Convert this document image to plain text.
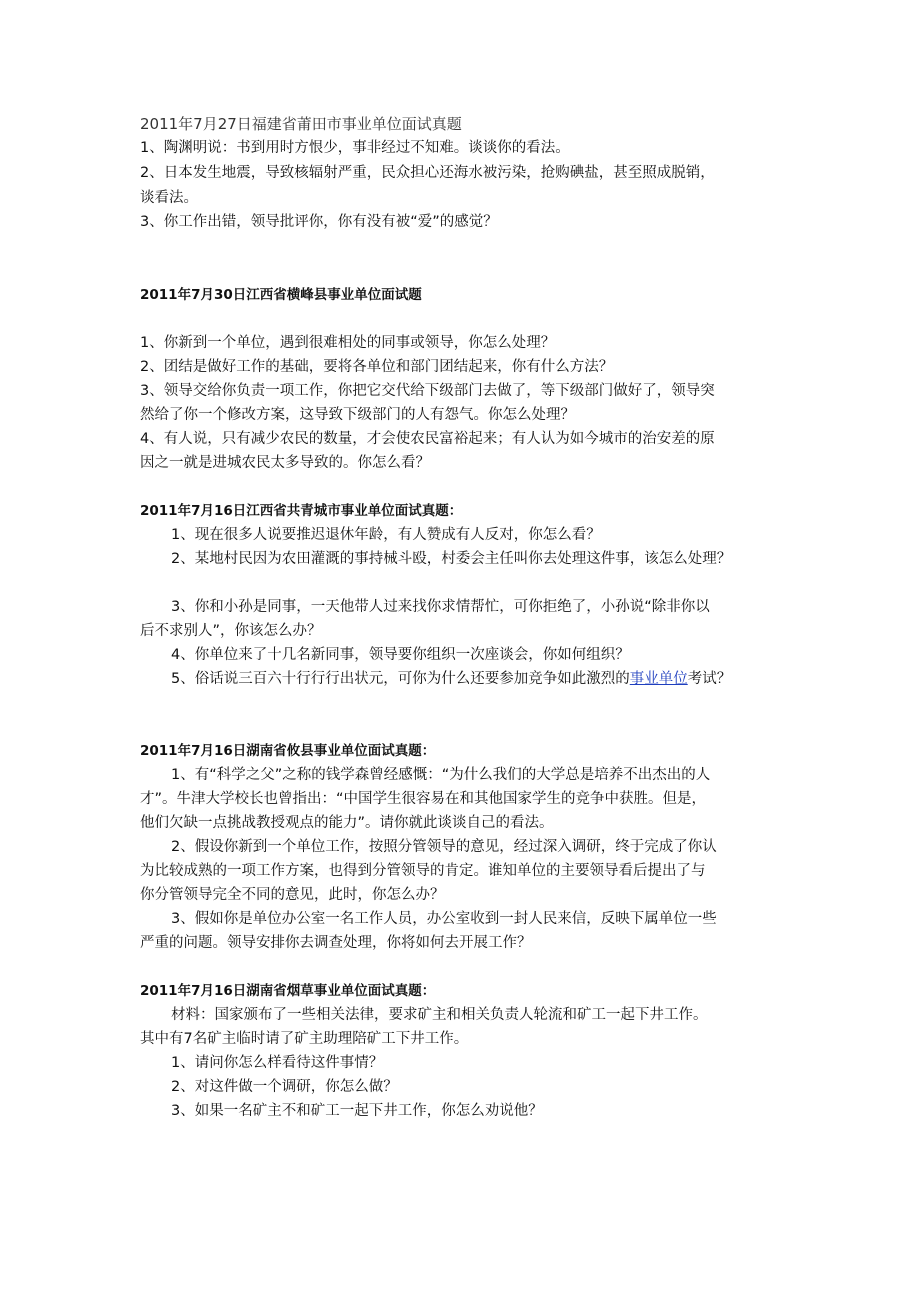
2011年7月27日福建省莆田市事业单位面试真题
1、陶渊明说：书到用时方恨少，事非经过不知难。谈谈你的看法。
2、日本发生地震，导致核辐射严重，民众担心还海水被污染，抢购碘盐，甚至照成脱销，
谈看法。
3、你工作出错，领导批评你，你有没有被“爱”的感觉？
2011年7月30日江西省横峰县事业单位面试题
1、你新到一个单位，遇到很难相处的同事或领导，你怎么处理？
2、团结是做好工作的基础，要将各单位和部门团结起来，你有什么方法？
3、领导交给你负责一项工作，你把它交代给下级部门去做了，等下级部门做好了，领导突
然给了你一个修改方案，这导致下级部门的人有怨气。你怎么处理？
4、有人说，只有减少农民的数量，才会使农民富裕起来；有人认为如今城市的治安差的原
因之一就是进城农民太多导致的。你怎么看？
2011年7月16日江西省共青城市事业单位面试真题：
1、现在很多人说要推迟退休年龄，有人赞成有人反对，你怎么看？
2、某地村民因为农田灌溉的事持械斗殴，村委会主任叫你去处理这件事，该怎么处理？
3、你和小孙是同事，一天他带人过来找你求情帮忙，可你拒绝了，小孙说“除非你以
后不求别人”，你该怎么办？
4、你单位来了十几名新同事，领导要你组织一次座谈会，你如何组织？
5、俗话说三百六十行行行出状元，可你为什么还要参加竞争如此激烈的事业单位考试？
2011年7月16日湖南省攸县事业单位面试真题：
1、有“科学之父”之称的钱学森曾经感慨：“为什么我们的大学总是培养不出杰出的人
才”。牛津大学校长也曾指出：“中国学生很容易在和其他国家学生的竞争中获胜。但是，
他们欠缺一点挑战教授观点的能力”。请你就此谈谈自己的看法。
2、假设你新到一个单位工作，按照分管领导的意见，经过深入调研，终于完成了你认
为比较成熟的一项工作方案，也得到分管领导的肯定。谁知单位的主要领导看后提出了与
你分管领导完全不同的意见，此时，你怎么办？
3、假如你是单位办公室一名工作人员，办公室收到一封人民来信，反映下属单位一些
严重的问题。领导安排你去调查处理，你将如何去开展工作？
2011年7月16日湖南省烟草事业单位面试真题：
材料：国家颁布了一些相关法律，要求矿主和相关负责人轮流和矿工一起下井工作。
其中有7名矿主临时请了矿主助理陪矿工下井工作。
1、请问你怎么样看待这件事情？
2、对这件做一个调研，你怎么做？
3、如果一名矿主不和矿工一起下井工作，你怎么劝说他？
